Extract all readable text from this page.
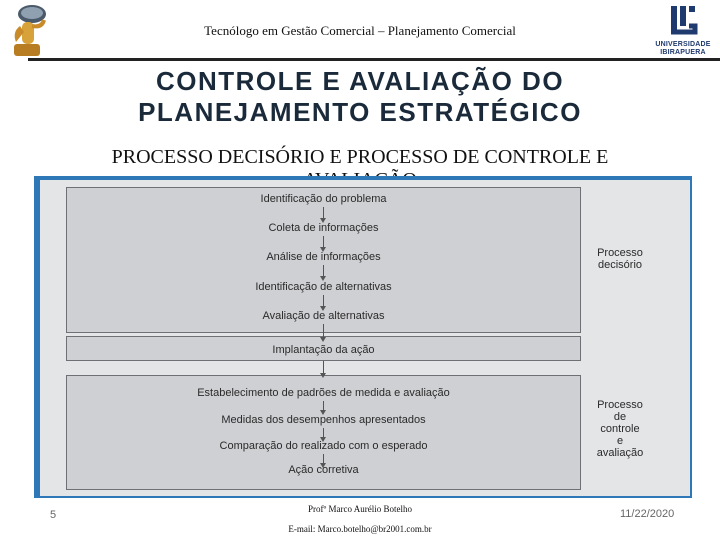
Tecnólogo em Gestão Comercial – Planejamento Comercial
UNIVERSIDADE
IBIRAPUERA
CONTROLE E AVALIAÇÃO DO
PLANEJAMENTO ESTRATÉGICO
PROCESSO DECISÓRIO E PROCESSO DE CONTROLE E
Identificação do problema
Coleta de informações
Análise de informações
Identificação de alternativas
Avaliação de alternativas
Implantação da ação
Estabelecimento de padrões de medida e avaliação
Medidas dos desempenhos apresentados
Comparação do realizado com o esperado
Ação corretiva
Processo
decisório
Processo
de
controle
e
avaliação
5	Profº Marco Aurélio Botelho
E-mail: Marco.botelho@br2001.com.br
11/22/2020
